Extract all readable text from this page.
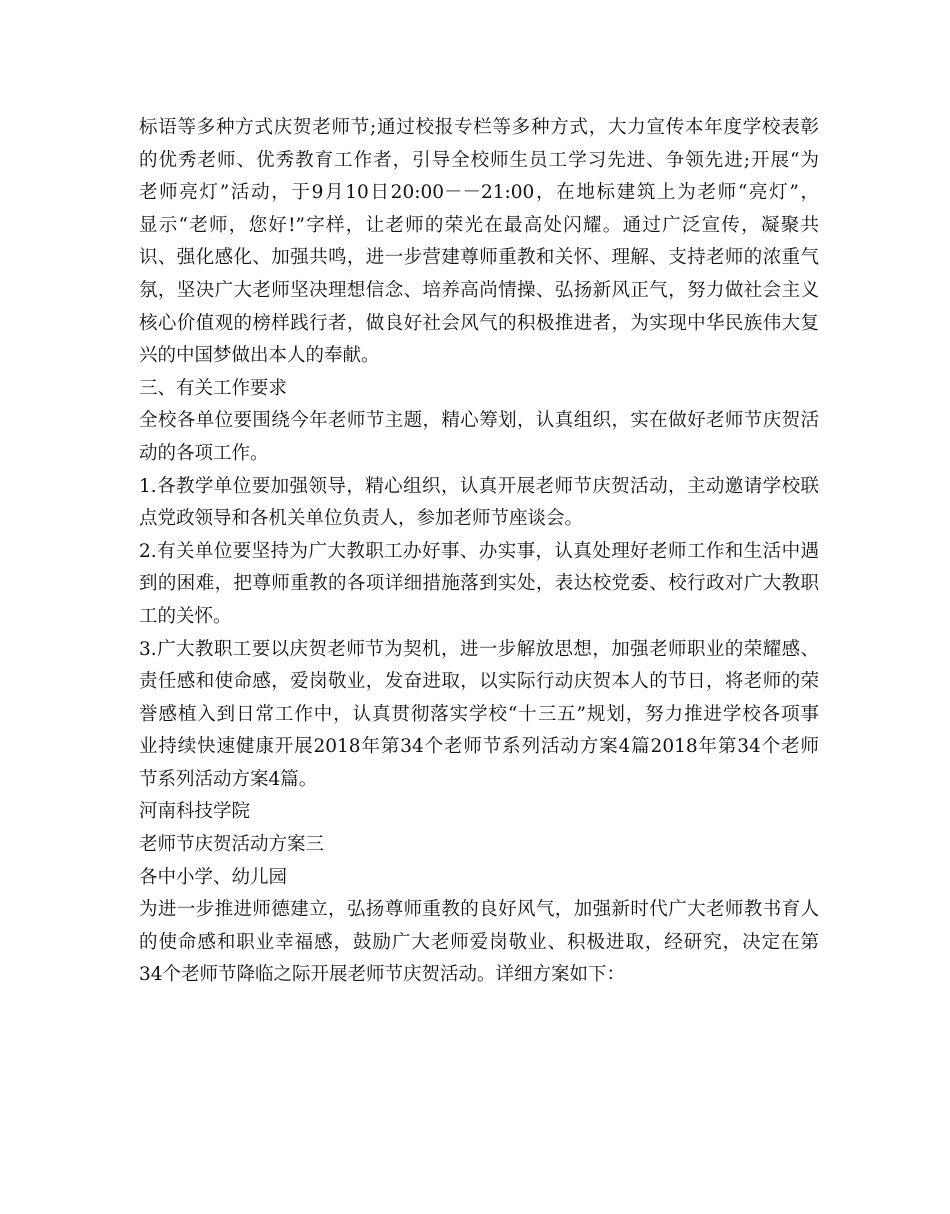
标语等多种方式庆贺老师节;通过校报专栏等多种方式，大力宣传本年度学校表彰
的优秀老师、优秀教育工作者，引导全校师生员工学习先进、争领先进;开展“为
老师亮灯”活动，于9月10日20:00－－21:00，在地标建筑上为老师“亮灯”，
显示“老师，您好!”字样，让老师的荣光在最高处闪耀。通过广泛宣传，凝聚共
识、强化感化、加强共鸣，进一步营建尊师重教和关怀、理解、支持老师的浓重气
氛，坚决广大老师坚决理想信念、培养高尚情操、弘扬新风正气，努力做社会主义
核心价值观的榜样践行者，做良好社会风气的积极推进者，为实现中华民族伟大复
兴的中国梦做出本人的奉献。
三、有关工作要求
全校各单位要围绕今年老师节主题，精心筹划，认真组织，实在做好老师节庆贺活
动的各项工作。
1.各教学单位要加强领导，精心组织，认真开展老师节庆贺活动，主动邀请学校联
点党政领导和各机关单位负责人，参加老师节座谈会。
2.有关单位要坚持为广大教职工办好事、办实事，认真处理好老师工作和生活中遇
到的困难，把尊师重教的各项详细措施落到实处，表达校党委、校行政对广大教职
工的关怀。
3.广大教职工要以庆贺老师节为契机，进一步解放思想，加强老师职业的荣耀感、
责任感和使命感，爱岗敬业，发奋进取，以实际行动庆贺本人的节日，将老师的荣
誉感植入到日常工作中，认真贯彻落实学校“十三五”规划，努力推进学校各项事
业持续快速健康开展2018年第34个老师节系列活动方案4篇2018年第34个老师
节系列活动方案4篇。
河南科技学院
老师节庆贺活动方案三
各中小学、幼儿园
为进一步推进师德建立，弘扬尊师重教的良好风气，加强新时代广大老师教书育人
的使命感和职业幸福感，鼓励广大老师爱岗敬业、积极进取，经研究，决定在第
34个老师节降临之际开展老师节庆贺活动。详细方案如下：
